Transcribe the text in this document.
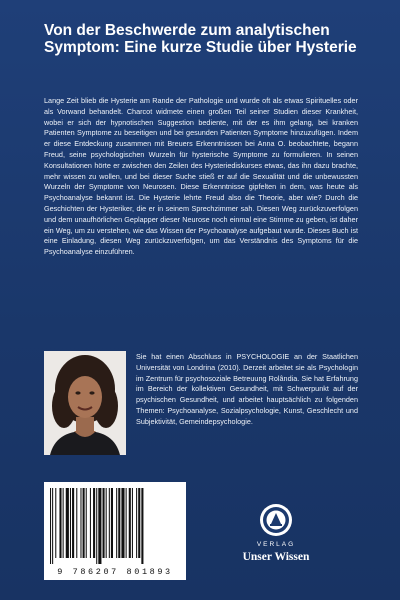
Von der Beschwerde zum analytischen Symptom: Eine kurze Studie über Hysterie

Lange Zeit blieb die Hysterie am Rande der Pathologie und wurde oft als etwas Spirituelles oder als Vorwand behandelt. Charcot widmete einen großen Teil seiner Studien dieser Krankheit, wobei er sich der hypnotischen Suggestion bediente, mit der es ihm gelang, bei kranken Patienten Symptome zu beseitigen und bei gesunden Patienten Symptome hinzuzufügen. Indem er diese Entdeckung zusammen mit Breuers Erkenntnissen bei Anna O. beobachtete, begann Freud, seine psychologischen Wurzeln für hysterische Symptome zu formulieren. In seinen Konsultationen hörte er zwischen den Zeilen des Hysteriediskurses etwas, das ihn dazu brachte, mehr wissen zu wollen, und bei dieser Suche stieß er auf die Sexualität und die unbewussten Wurzeln der Symptome von Neurosen. Diese Erkenntnisse gipfelten in dem, was heute als Psychoanalyse bekannt ist. Die Hysterie lehrte Freud also die Theorie, aber wie? Durch die Geschichten der Hysteriker, die er in seinem Sprechzimmer sah. Diesen Weg zurückzuverfolgen und dem unaufhörlichen Geplapper dieser Neurose noch einmal eine Stimme zu geben, ist daher ein Weg, um zu verstehen, wie das Wissen der Psychoanalyse aufgebaut wurde. Dieses Buch ist eine Einladung, diesen Weg zurückzuverfolgen, um das Verständnis des Symptoms für die Psychoanalyse einzuführen.

Sie hat einen Abschluss in PSYCHOLOGIE an der Staatlichen Universität von Londrina (2010). Derzeit arbeitet sie als Psychologin im Zentrum für psychosoziale Betreuung Rolândia. Sie hat Erfahrung im Bereich der kollektiven Gesundheit, mit Schwerpunkt auf der psychischen Gesundheit, und arbeitet hauptsächlich zu folgenden Themen: Psychoanalyse, Sozialpsychologie, Kunst, Geschlecht und Subjektivität, Gemeindepsychologie.

9 786207 801893
VERLAG
Unser Wissen
